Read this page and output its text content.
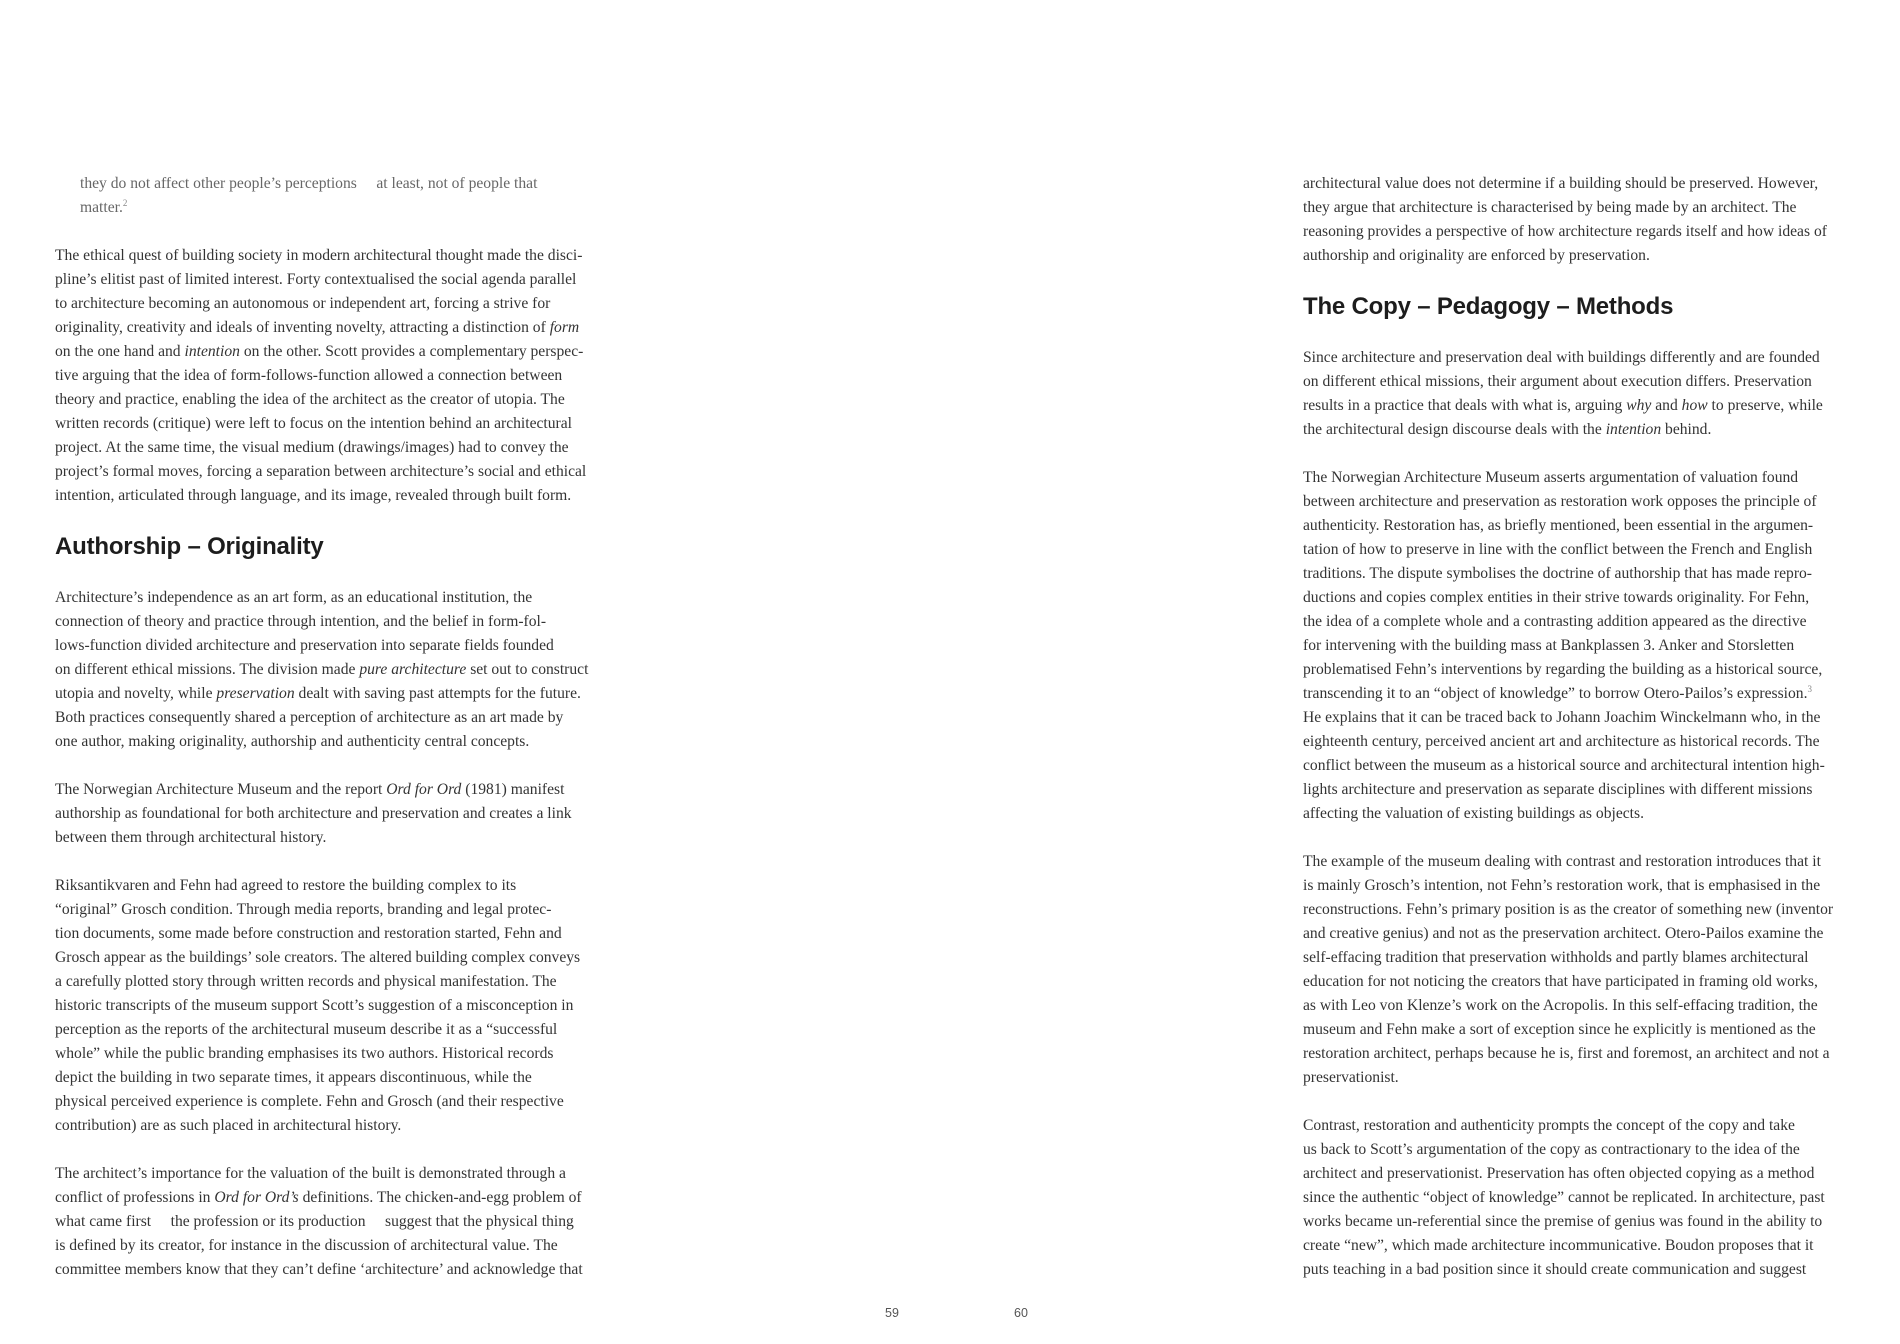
they do not affect other people’s perceptions  at least, not of people that
matter.$^2$

The ethical quest of building society in modern architectural thought made the disci-
pline’s elitist past of limited interest. Forty contextualised the social agenda parallel
to architecture becoming an autonomous or independent art, forcing a strive for
originality, creativity and ideals of inventing novelty, attracting a distinction of form
on the one hand and intention on the other. Scott provides a complementary perspec-
tive arguing that the idea of form-follows-function allowed a connection between
theory and practice, enabling the idea of the architect as the creator of utopia. The
written records (critique) were left to focus on the intention behind an architectural
project. At the same time, the visual medium (drawings/images) had to convey the
project’s formal moves, forcing a separation between architecture’s social and ethical
intention, articulated through language, and its image, revealed through built form.

Authorship – Originality

Architecture’s independence as an art form, as an educational institution, the
connection of theory and practice through intention, and the belief in form-fol-
lows-function divided architecture and preservation into separate fields founded
on different ethical missions. The division made pure architecture set out to construct
utopia and novelty, while preservation dealt with saving past attempts for the future.
Both practices consequently shared a perception of architecture as an art made by
one author, making originality, authorship and authenticity central concepts.

The Norwegian Architecture Museum and the report Ord for Ord (1981) manifest
authorship as foundational for both architecture and preservation and creates a link
between them through architectural history.

Riksantikvaren and Fehn had agreed to restore the building complex to its
“original” Grosch condition. Through media reports, branding and legal protec-
tion documents, some made before construction and restoration started, Fehn and
Grosch appear as the buildings’ sole creators. The altered building complex conveys
a carefully plotted story through written records and physical manifestation. The
historic transcripts of the museum support Scott’s suggestion of a misconception in
perception as the reports of the architectural museum describe it as a “successful
whole” while the public branding emphasises its two authors. Historical records
depict the building in two separate times, it appears discontinuous, while the
physical perceived experience is complete. Fehn and Grosch (and their respective
contribution) are as such placed in architectural history.

The architect’s importance for the valuation of the built is demonstrated through a
conflict of professions in Ord for Ord’s definitions. The chicken-and-egg problem of
what came first  the profession or its production  suggest that the physical thing
is defined by its creator, for instance in the discussion of architectural value. The
committee members know that they can’t define ‘architecture’ and acknowledge that

59

architectural value does not determine if a building should be preserved. However,
they argue that architecture is characterised by being made by an architect. The
reasoning provides a perspective of how architecture regards itself and how ideas of
authorship and originality are enforced by preservation.

The Copy – Pedagogy – Methods

Since architecture and preservation deal with buildings differently and are founded
on different ethical missions, their argument about execution differs. Preservation
results in a practice that deals with what is, arguing why and how to preserve, while
the architectural design discourse deals with the intention behind.

The Norwegian Architecture Museum asserts argumentation of valuation found
between architecture and preservation as restoration work opposes the principle of
authenticity. Restoration has, as briefly mentioned, been essential in the argumen-
tation of how to preserve in line with the conflict between the French and English
traditions. The dispute symbolises the doctrine of authorship that has made repro-
ductions and copies complex entities in their strive towards originality. For Fehn,
the idea of a complete whole and a contrasting addition appeared as the directive
for intervening with the building mass at Bankplassen 3. Anker and Storsletten
problematised Fehn’s interventions by regarding the building as a historical source,
transcending it to an “object of knowledge” to borrow Otero-Pailos’s expression.$^3$
He explains that it can be traced back to Johann Joachim Winckelmann who, in the
eighteenth century, perceived ancient art and architecture as historical records. The
conflict between the museum as a historical source and architectural intention high-
lights architecture and preservation as separate disciplines with different missions
affecting the valuation of existing buildings as objects.

The example of the museum dealing with contrast and restoration introduces that it
is mainly Grosch’s intention, not Fehn’s restoration work, that is emphasised in the
reconstructions. Fehn’s primary position is as the creator of something new (inventor
and creative genius) and not as the preservation architect. Otero-Pailos examine the
self-effacing tradition that preservation withholds and partly blames architectural
education for not noticing the creators that have participated in framing old works,
as with Leo von Klenze’s work on the Acropolis. In this self-effacing tradition, the
museum and Fehn make a sort of exception since he explicitly is mentioned as the
restoration architect, perhaps because he is, first and foremost, an architect and not a
preservationist.

Contrast, restoration and authenticity prompts the concept of the copy and take
us back to Scott’s argumentation of the copy as contractionary to the idea of the
architect and preservationist. Preservation has often objected copying as a method
since the authentic “object of knowledge” cannot be replicated. In architecture, past
works became un-referential since the premise of genius was found in the ability to
create “new”, which made architecture incommunicative. Boudon proposes that it
puts teaching in a bad position since it should create communication and suggest

60
